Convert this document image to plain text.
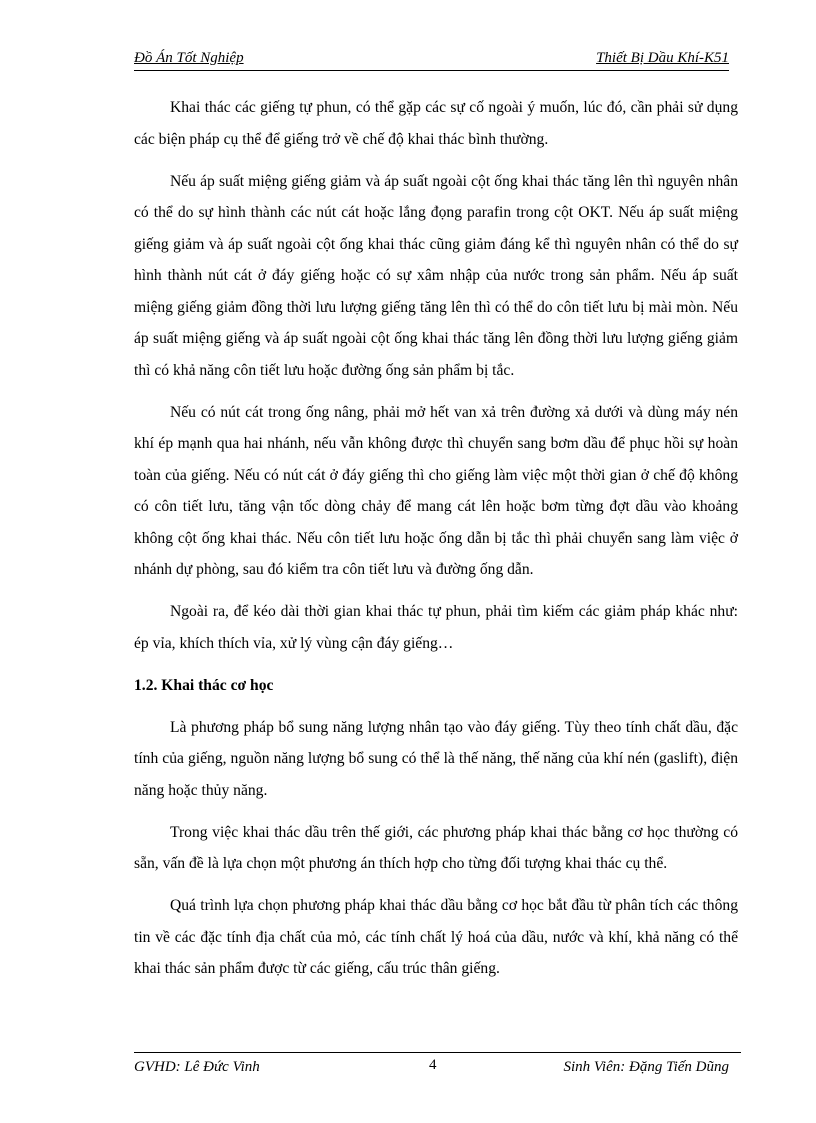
Đồ Án Tốt Nghiệp	Thiết Bị Dầu Khí-K51

Khai thác các giếng tự phun, có thể gặp các sự cố ngoài ý muốn, lúc đó, cần phải sử dụng các biện pháp cụ thể để giếng trở về chế độ khai thác bình thường.

Nếu áp suất miệng giếng giảm và áp suất ngoài cột ống khai thác tăng lên thì nguyên nhân có thể do sự hình thành các nút cát hoặc lắng đọng parafin trong cột OKT. Nếu áp suất miệng giếng giảm và áp suất ngoài cột ống khai thác cũng giảm đáng kể thì nguyên nhân có thể do sự hình thành nút cát ở đáy giếng hoặc có sự xâm nhập của nước trong sản phẩm. Nếu áp suất miệng giếng giảm đồng thời lưu lượng giếng tăng lên thì có thể do côn tiết lưu bị mài mòn. Nếu áp suất miệng giếng và áp suất ngoài cột ống khai thác tăng lên đồng thời lưu lượng giếng giảm thì có khả năng côn tiết lưu hoặc đường ống sản phẩm bị tắc.

Nếu có nút cát trong ống nâng, phải mở hết van xả trên đường xả dưới và dùng máy nén khí ép mạnh qua hai nhánh, nếu vẫn không được thì chuyển sang bơm dầu để phục hồi sự hoàn toàn của giếng. Nếu có nút cát ở đáy giếng thì cho giếng làm việc một thời gian ở chế độ không có côn tiết lưu, tăng vận tốc dòng chảy để mang cát lên hoặc bơm từng đợt dầu vào khoảng không cột ống khai thác. Nếu côn tiết lưu hoặc ống dẫn bị tắc thì phải chuyển sang làm việc ở nhánh dự phòng, sau đó kiểm tra côn tiết lưu và đường ống dẫn.

Ngoài ra, để kéo dài thời gian khai thác tự phun, phải tìm kiếm các giảm pháp khác như: ép vỉa, khích thích vỉa, xử lý vùng cận đáy giếng…

1.2. Khai thác cơ học

Là phương pháp bổ sung năng lượng nhân tạo vào đáy giếng. Tùy theo tính chất dầu, đặc tính của giếng, nguồn năng lượng bổ sung có thể là thế năng, thế năng của khí nén (gaslift), điện năng hoặc thủy năng.

Trong việc khai thác dầu trên thế giới, các phương pháp khai thác bằng cơ học thường có sẵn, vấn đề là lựa chọn một phương án thích hợp cho từng đối tượng khai thác cụ thể.

Quá trình lựa chọn phương pháp khai thác dầu bằng cơ học bắt đầu từ phân tích các thông tin về các đặc tính địa chất của mỏ, các tính chất lý hoá của dầu, nước và khí, khả năng có thể khai thác sản phẩm được từ các giếng, cấu trúc thân giếng.

GVHD: Lê Đức Vinh	4	Sinh Viên: Đặng Tiến Dũng
